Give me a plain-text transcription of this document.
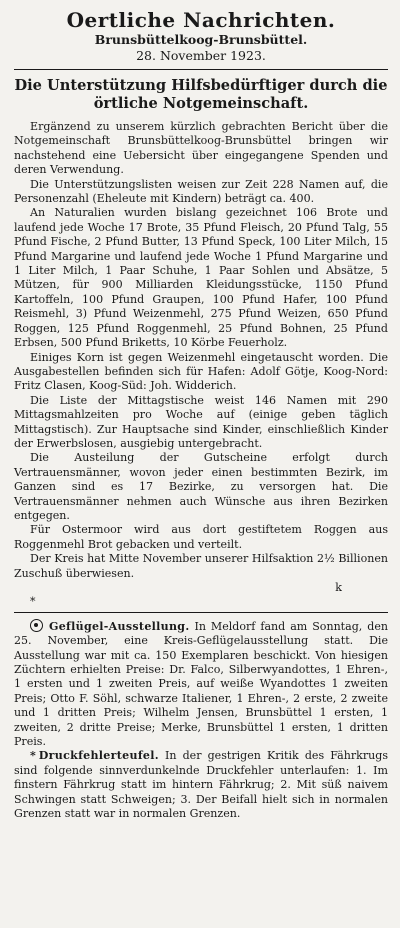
Oertliche Nachrichten.
Brunsbüttelkoog-Brunsbüttel.
28. November 1923.
Die Unterstützung Hilfsbedürftiger durch die örtliche Notgemeinschaft.

Ergänzend zu unserem kürzlich gebrachten Bericht über die Notgemeinschaft Brunsbüttelkoog-Brunsbüttel bringen wir nachstehend eine Uebersicht über eingegangene Spenden und deren Verwendung.

Die Unterstützungslisten weisen zur Zeit 228 Namen auf, die Personenzahl (Eheleute mit Kindern) beträgt ca. 400.

An Naturalien wurden bislang gezeichnet 106 Brote und laufend jede Woche 17 Brote, 35 Pfund Fleisch, 20 Pfund Talg, 55 Pfund Fische, 2 Pfund Butter, 13 Pfund Speck, 100 Liter Milch, 15 Pfund Margarine und laufend jede Woche 1 Pfund Margarine und 1 Liter Milch, 1 Paar Schuhe, 1 Paar Sohlen und Absätze, 5 Mützen, für 900 Milliarden Kleidungsstücke, 1150 Pfund Kartoffeln, 100 Pfund Graupen, 100 Pfund Hafer, 100 Pfund Reismehl, 3) Pfund Weizenmehl, 275 Pfund Weizen, 650 Pfund Roggen, 125 Pfund Roggenmehl, 25 Pfund Bohnen, 25 Pfund Erbsen, 500 Pfund Briketts, 10 Körbe Feuerholz.

Einiges Korn ist gegen Weizenmehl eingetauscht worden. Die Ausgabestellen befinden sich für Hafen: Adolf Götje, Koog-Nord: Fritz Clasen, Koog-Süd: Joh. Widderich.

Die Liste der Mittagstische weist 146 Namen mit 290 Mittagsmahlzeiten pro Woche auf (einige geben täglich Mittagstisch). Zur Hauptsache sind Kinder, einschließlich Kinder der Erwerbslosen, ausgiebig untergebracht.

Die Austeilung der Gutscheine erfolgt durch Vertrauensmänner, wovon jeder einen bestimmten Bezirk, im Ganzen sind es 17 Bezirke, zu versorgen hat. Die Vertrauensmänner nehmen auch Wünsche aus ihren Bezirken entgegen.

Für Ostermoor wird aus dort gestiftetem Roggen aus Roggenmehl Brot gebacken und verteilt.

Der Kreis hat Mitte November unserer Hilfsaktion 2½ Billionen Zuschuß überwiesen.

k

*

Geflügel-Ausstellung. In Meldorf fand am Sonntag, den 25. November, eine Kreis-Geflügelausstellung statt. Die Ausstellung war mit ca. 150 Exemplaren beschickt. Von hiesigen Züchtern erhielten Preise: Dr. Falco, Silberwyandottes, 1 Ehren-, 1 ersten und 1 zweiten Preis, auf weiße Wyandottes 1 zweiten Preis; Otto F. Söhl, schwarze Italiener, 1 Ehren-, 2 erste, 2 zweite und 1 dritten Preis; Wilhelm Jensen, Brunsbüttel 1 ersten, 1 zweiten, 2 dritte Preise; Merke, Brunsbüttel 1 ersten, 1 dritten Preis.

* Druckfehlerteufel. In der gestrigen Kritik des Fährkrugs sind folgende sinnverdunkelnde Druckfehler unterlaufen: 1. Im finstern Fährkrug statt im hintern Fährkrug; 2. Mit süß naivem Schwingen statt Schweigen; 3. Der Beifall hielt sich in normalen Grenzen statt war in normalen Grenzen.
